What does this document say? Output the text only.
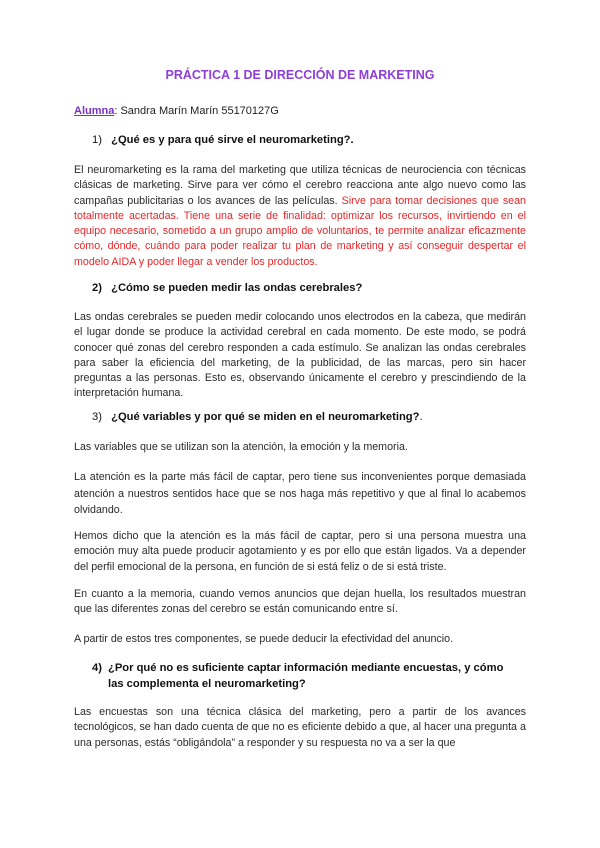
PRÁCTICA 1 DE DIRECCIÓN DE MARKETING
Alumna: Sandra Marín Marín 55170127G
1) ¿Qué es y para qué sirve el neuromarketing?.

El neuromarketing es la rama del marketing que utiliza técnicas de neurociencia con técnicas clásicas de marketing. Sirve para ver cómo el cerebro reacciona ante algo nuevo como las campañas publicitarias o los avances de las películas. Sirve para tomar decisiones que sean totalmente acertadas. Tiene una serie de finalidad: optimizar los recursos, invirtiendo en el equipo necesario, sometido a un grupo amplio de voluntarios, te permite analizar eficazmente cómo, dónde, cuándo para poder realizar tu plan de marketing y así conseguir despertar el modelo AIDA y poder llegar a vender los productos.

2) ¿Cómo se pueden medir las ondas cerebrales?

Las ondas cerebrales se pueden medir colocando unos electrodos en la cabeza, que medirán el lugar donde se produce la actividad cerebral en cada momento. De este modo, se podrá conocer qué zonas del cerebro responden a cada estímulo. Se analizan las ondas cerebrales para saber la eficiencia del marketing, de la publicidad, de las marcas, pero sin hacer preguntas a las personas. Esto es, observando únicamente el cerebro y prescindiendo de la interpretación humana.

3) ¿Qué variables y por qué se miden en el neuromarketing?.

Las variables que se utilizan son la atención, la emoción y la memoria.

La atención es la parte más fácil de captar, pero tiene sus inconvenientes porque demasiada atención a nuestros sentidos hace que se nos haga más repetitivo y que al final lo acabemos olvidando.

Hemos dicho que la atención es la más fácil de captar, pero si una persona muestra una emoción muy alta puede producir agotamiento y es por ello que están ligados. Va a depender del perfil emocional de la persona, en función de si está feliz o de si está triste.

En cuanto a la memoria, cuando vemos anuncios que dejan huella, los resultados muestran que las diferentes zonas del cerebro se están comunicando entre sí.

A partir de estos tres componentes, se puede deducir la efectividad del anuncio.

4) ¿Por qué no es suficiente captar información mediante encuestas, y cómo las complementa el neuromarketing?

Las encuestas son una técnica clásica del marketing, pero a partir de los avances tecnológicos, se han dado cuenta de que no es eficiente debido a que, al hacer una pregunta a una personas, estás “obligándola” a responder y su respuesta no va a ser la que
